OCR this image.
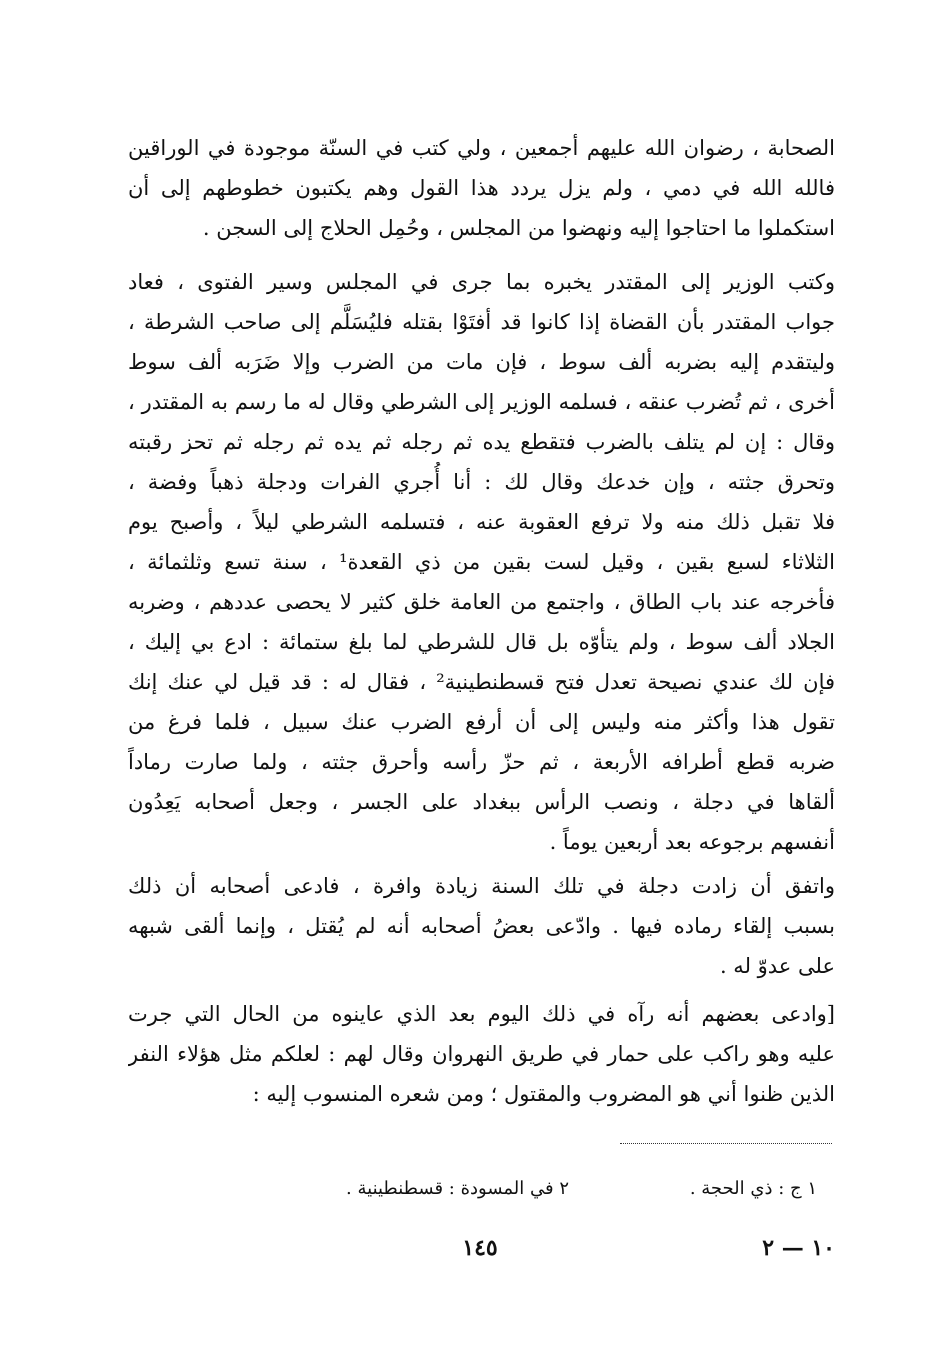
الصحابة ، رضوان الله عليهم أجمعين ، ولي كتب في السنّة موجودة في الوراقين
فالله الله في دمي ، ولم يزل يردد هذا القول وهم يكتبون خطوطهم إلى أن
استكملوا ما احتاجوا إليه ونهضوا من المجلس ، وحُمِل الحلاج إلى السجن .
وكتب الوزير إلى المقتدر يخبره بما جرى في المجلس وسير الفتوى ، فعاد
جواب المقتدر بأن القضاة إذا كانوا قد أفتَوْا بقتله فليُسَلَّم إلى صاحب الشرطة ،
وليتقدم إليه بضربه ألف سوط ، فإن مات من الضرب وإلا ضَرَبه ألف سوط
أخرى ، ثم تُضرب عنقه ، فسلمه الوزير إلى الشرطي وقال له ما رسم به المقتدر ،
وقال : إن لم يتلف بالضرب فتقطع يده ثم رجله ثم يده ثم رجله ثم تحز رقبته
وتحرق جثته ، وإن خدعك وقال لك : أنا أُجري الفرات ودجلة ذهباً وفضة ،
فلا تقبل ذلك منه ولا ترفع العقوبة عنه ، فتسلمه الشرطي ليلاً ، وأصبح يوم
الثلاثاء لسبع بقين ، وقيل لست بقين من ذي القعدة¹ ، سنة تسع وثلثمائة ،
فأخرجه عند باب الطاق ، واجتمع من العامة خلق كثير لا يحصى عددهم ، وضربه
الجلاد ألف سوط ، ولم يتأوّه بل قال للشرطي لما بلغ ستمائة : ادع بي إليك ،
فإن لك عندي نصيحة تعدل فتح قسطنطينية² ، فقال له : قد قيل لي عنك إنك
تقول هذا وأكثر منه وليس إلى أن أرفع الضرب عنك سبيل ، فلما فرغ من
ضربه قطع أطرافه الأربعة ، ثم حزّ رأسه وأحرق جثته ، ولما صارت رماداً
ألقاها في دجلة ، ونصب الرأس ببغداد على الجسر ، وجعل أصحابه يَعِدُون
أنفسهم برجوعه بعد أربعين يوماً .
واتفق أن زادت دجلة في تلك السنة زيادة وافرة ، فادعى أصحابه أن ذلك
بسبب إلقاء رماده فيها . وادّعى بعضُ أصحابه أنه لم يُقتل ، وإنما ألقى شبهه
على عدوّ له .
[وادعى بعضهم أنه رآه في ذلك اليوم بعد الذي عاينوه من الحال التي جرت
عليه وهو راكب على حمار في طريق النهروان وقال لهم : لعلكم مثل هؤلاء النفر
الذين ظنوا أني هو المضروب والمقتول ؛ ومن شعره المنسوب إليه :
١ ج : ذي الحجة .
٢ في المسودة : قسطنطينية .
١٤٥	١٠ — ٢
